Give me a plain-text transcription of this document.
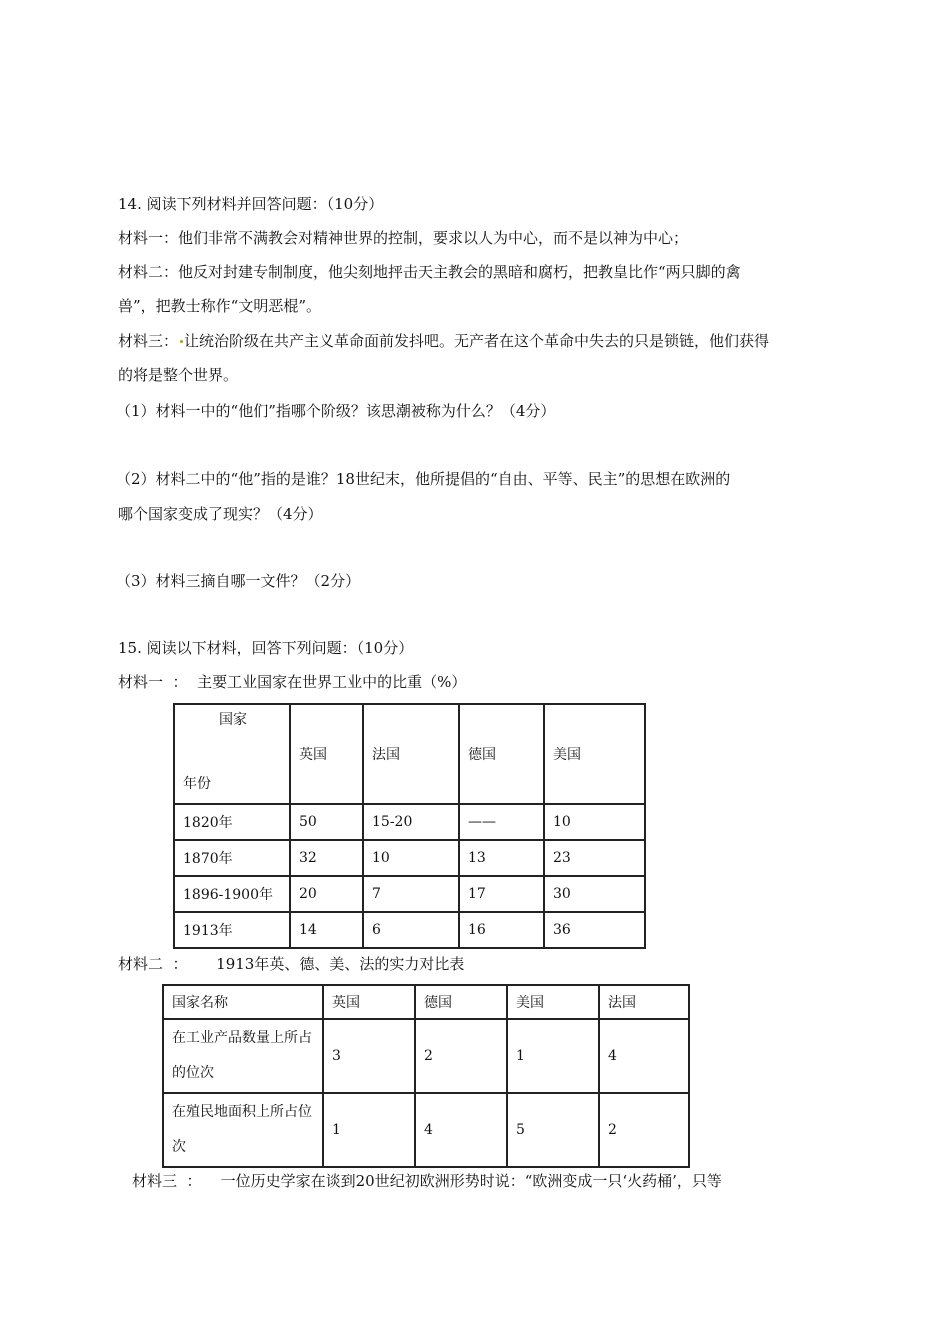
14. 阅读下列材料并回答问题：（10分）
材料一：他们非常不满教会对精神世界的控制，要求以人为中心，而不是以神为中心；
材料二：他反对封建专制制度，他尖刻地抨击天主教会的黑暗和腐朽，把教皇比作“两只脚的禽
兽”，把教士称作“文明恶棍”。
材料三： 让统治阶级在共产主义革命面前发抖吧。无产者在这个革命中失去的只是锁链，他们获得
的将是整个世界。
（1）材料一中的“他们”指哪个阶级？该思潮被称为什么？（4分）
（2）材料二中的“他”指的是谁？18世纪末，他所提倡的“自由、平等、民主”的思想在欧洲的
哪个国家变成了现实？（4分）
（3）材料三摘自哪一文件？（2分）
15. 阅读以下材料，回答下列问题：（10分）
材料一  ：  主要工业国家在世界工业中的比重（%）
国家
年份	英国	法国	德国	美国
1820年	50	15-20	——	10
1870年	32	10	13	23
1896-1900年	20	7	17	30
1913年	14	6	16	36
材料二  ：      1913年英、德、美、法的实力对比表
国家名称	英国	德国	美国	法国
在工业产品数量上所占的位次	3	2	1	4
在殖民地面积上所占位次	1	4	5	2
材料三  ：    一位历史学家在谈到20世纪初欧洲形势时说：“欧洲变成一只‘火药桶’，只等
